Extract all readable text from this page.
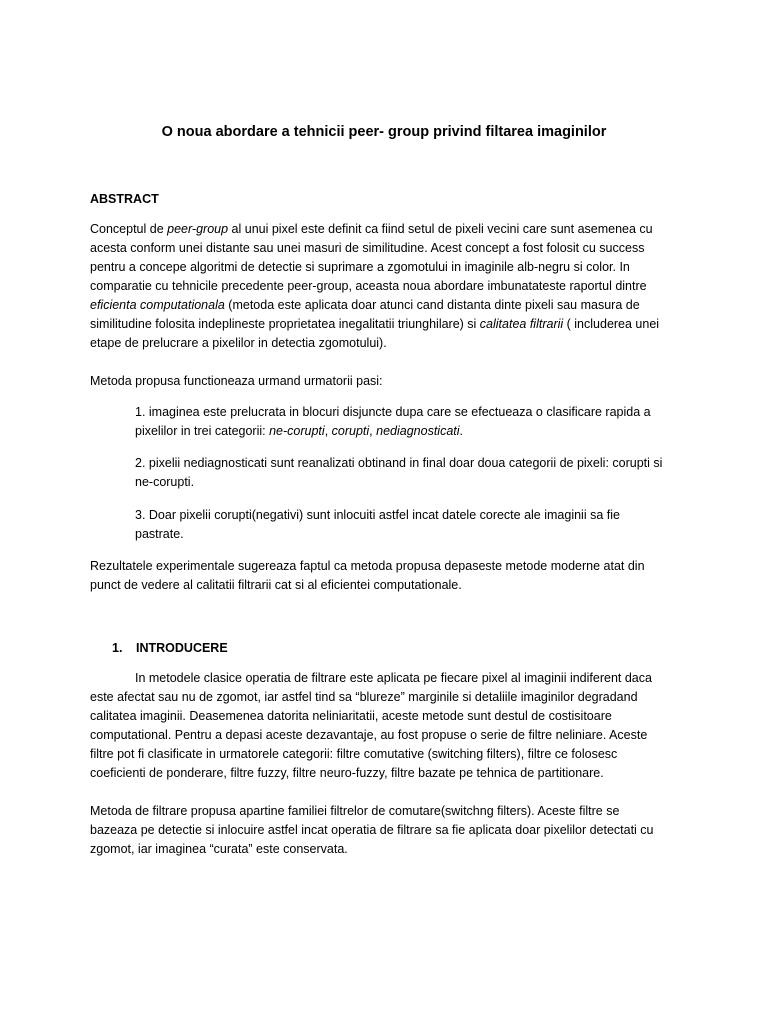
O noua abordare a tehnicii peer- group privind filtarea imaginilor
ABSTRACT
Conceptul de peer-group al unui pixel este definit ca fiind setul de pixeli vecini care sunt asemenea cu acesta conform unei distante sau unei masuri de similitudine. Acest concept a fost folosit cu success pentru a concepe algoritmi de detectie si suprimare a zgomotului in imaginile alb-negru si color. In comparatie cu tehnicile precedente peer-group, aceasta noua abordare imbunatateste raportul dintre eficienta computationala (metoda este aplicata doar atunci cand distanta dinte pixeli sau masura de similitudine folosita indeplineste proprietatea inegalitatii triunghilare) si calitatea filtrarii ( includerea unei etape de prelucrare a pixelilor in detectia zgomotului).
Metoda propusa functioneaza urmand urmatorii pasi:
1. imaginea este prelucrata in blocuri disjuncte dupa care se efectueaza o clasificare rapida a pixelilor in trei categorii: ne-corupti, corupti, nediagnosticati.
2. pixelii nediagnosticati sunt reanalizati obtinand in final doar doua categorii de pixeli: corupti si ne-corupti.
3. Doar pixelii corupti(negativi) sunt inlocuiti astfel incat datele corecte ale imaginii sa fie pastrate.
Rezultatele experimentale sugereaza faptul ca metoda propusa depaseste metode moderne atat din punct de vedere al calitatii filtrarii cat si al eficientei computationale.
1. INTRODUCERE
In metodele clasice operatia de filtrare este aplicata pe fiecare pixel al imaginii indiferent daca este afectat sau nu de zgomot, iar astfel tind sa “blureze” marginile si detaliile imaginilor degradand calitatea imaginii. Deasemenea datorita neliniaritatii, aceste metode sunt destul de costisitoare computational. Pentru a depasi aceste dezavantaje, au fost propuse o serie de filtre neliniare. Aceste filtre pot fi clasificate in urmatorele categorii: filtre comutative (switching filters), filtre ce folosesc coeficienti de ponderare, filtre fuzzy, filtre neuro-fuzzy, filtre bazate pe tehnica de partitionare.
Metoda de filtrare propusa apartine familiei filtrelor de comutare(switchng filters). Aceste filtre se bazeaza pe detectie si inlocuire astfel incat operatia de filtrare sa fie aplicata doar pixelilor detectati cu zgomot, iar imaginea “curata” este conservata.
